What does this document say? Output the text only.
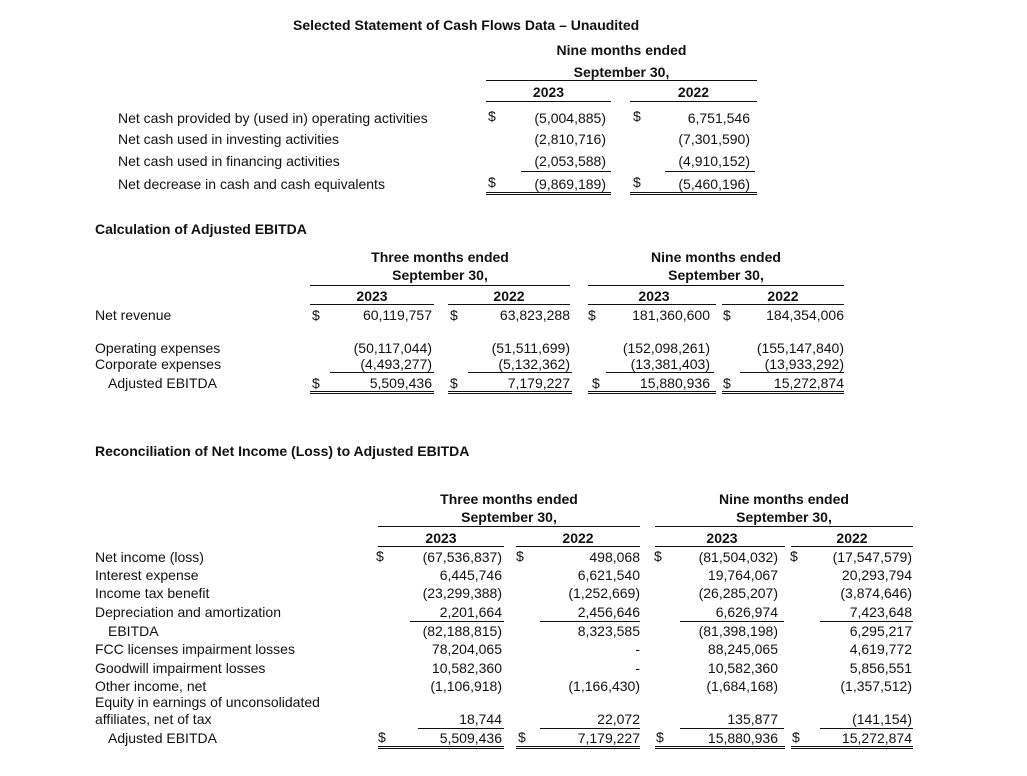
Selected Statement of Cash Flows Data – Unaudited
Nine months ended
September 30,
2023	2022
Net cash provided by (used in) operating activities	$	(5,004,885) $	6,751,546
Net cash used in investing activities	(2,810,716)	(7,301,590)
Net cash used in financing activities	(2,053,588)	(4,910,152)
Net decrease in cash and cash equivalents	$	(9,869,189) $	(5,460,196)
Calculation of Adjusted EBITDA
Three months ended
September 30,
Nine months ended
September 30,
2023	2022	2023	2022
Net revenue	$	60,119,757 $	63,823,288 $	181,360,600 $	184,354,006
Operating expenses	(50,117,044)	(51,511,699)	(152,098,261)	(155,147,840)
Corporate expenses	(4,493,277)	(5,132,362)	(13,381,403)	(13,933,292)
Adjusted EBITDA	$	5,509,436 $	7,179,227 $	15,880,936 $	15,272,874
Reconciliation of Net Income (Loss) to Adjusted EBITDA
Three months ended
September 30,
Nine months ended
September 30,
2023	2022	2023	2022
Net income (loss)	$	(67,536,837) $	498,068 $	(81,504,032) $	(17,547,579)
Interest expense	6,445,746	6,621,540	19,764,067	20,293,794
Income tax benefit	(23,299,388)	(1,252,669)	(26,285,207)	(3,874,646)
Depreciation and amortization	2,201,664	2,456,646	6,626,974	7,423,648
EBITDA	(82,188,815)	8,323,585	(81,398,198)	6,295,217
FCC licenses impairment losses	78,204,065	-	88,245,065	4,619,772
Goodwill impairment losses	10,582,360	-	10,582,360	5,856,551
Other income, net	(1,106,918)	(1,166,430)	(1,684,168)	(1,357,512)
Equity in earnings of unconsolidated
affiliates, net of tax	18,744	22,072	135,877	(141,154)
Adjusted EBITDA	$	5,509,436 $	7,179,227 $	15,880,936 $	15,272,874
